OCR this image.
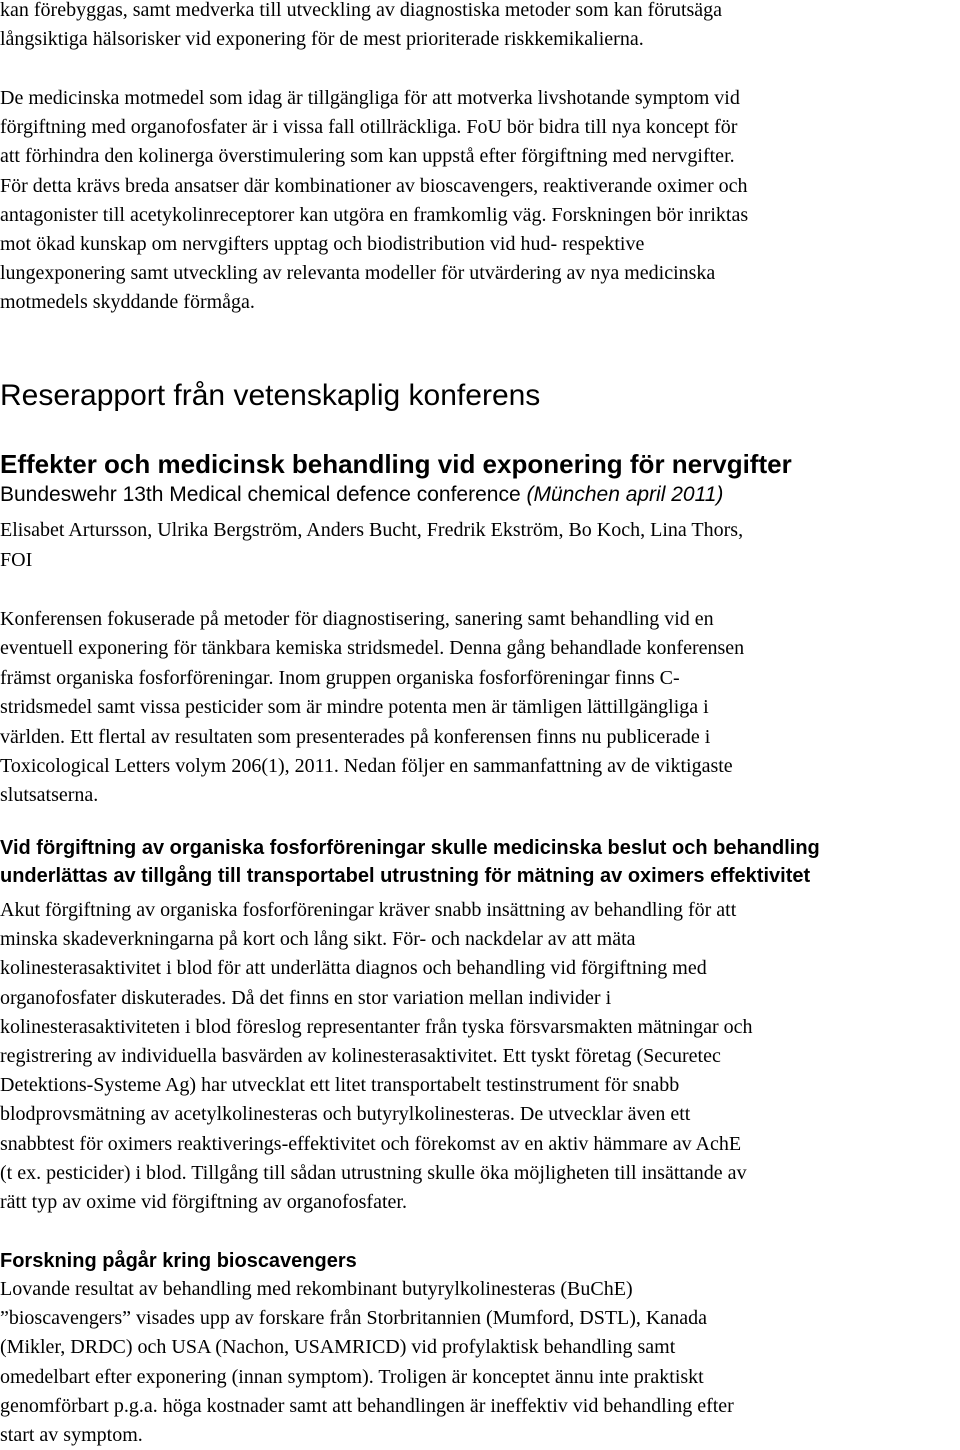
kan förebyggas, samt medverka till utveckling av diagnostiska metoder som kan förutsäga
långsiktiga hälsorisker vid exponering för de mest prioriterade riskkemikalierna.

De medicinska motmedel som idag är tillgängliga för att motverka livshotande symptom vid
förgiftning med organofosfater är i vissa fall otillräckliga. FoU bör bidra till nya koncept för
att förhindra den kolinerga överstimulering som kan uppstå efter förgiftning med nervgifter.
För detta krävs breda ansatser där kombinationer av bioscavengers, reaktiverande oximer och
antagonister till acetykolinreceptorer kan utgöra en framkomlig väg. Forskningen bör inriktas
mot ökad kunskap om nervgifters upptag och biodistribution vid hud- respektive
lungexponering samt utveckling av relevanta modeller för utvärdering av nya medicinska
motmedels skyddande förmåga.

Reserapport från vetenskaplig konferens
Effekter och medicinsk behandling vid exponering för nervgifter
Bundeswehr 13th Medical chemical defence conference (München april 2011)

Elisabet Artursson, Ulrika Bergström, Anders Bucht, Fredrik Ekström, Bo Koch, Lina Thors,
FOI

Konferensen fokuserade på metoder för diagnostisering, sanering samt behandling vid en
eventuell exponering för tänkbara kemiska stridsmedel. Denna gång behandlade konferensen
främst organiska fosforföreningar. Inom gruppen organiska fosforföreningar finns C-
stridsmedel samt vissa pesticider som är mindre potenta men är tämligen lättillgängliga i
världen. Ett flertal av resultaten som presenterades på konferensen finns nu publicerade i
Toxicological Letters volym 206(1), 2011. Nedan följer en sammanfattning av de viktigaste
slutsatserna.

Vid förgiftning av organiska fosforföreningar skulle medicinska beslut och behandling
underlättas av tillgång till transportabel utrustning för mätning av oximers effektivitet

Akut förgiftning av organiska fosforföreningar kräver snabb insättning av behandling för att
minska skadeverkningarna på kort och lång sikt. För- och nackdelar av att mäta
kolinesterasaktivitet i blod för att underlätta diagnos och behandling vid förgiftning med
organofosfater diskuterades. Då det finns en stor variation mellan individer i
kolinesterasaktiviteten i blod föreslog representanter från tyska försvarsmakten mätningar och
registrering av individuella basvärden av kolinesterasaktivitet. Ett tyskt företag (Securetec
Detektions-Systeme Ag) har utvecklat ett litet transportabelt testinstrument för snabb
blodprovsmätning av acetylkolinesteras och butyrylkolinesteras. De utvecklar även ett
snabbtest för oximers reaktiverings-effektivitet och förekomst av en aktiv hämmare av AchE
(t ex. pesticider) i blod. Tillgång till sådan utrustning skulle öka möjligheten till insättande av
rätt typ av oxime vid förgiftning av organofosfater.

Forskning pågår kring bioscavengers

Lovande resultat av behandling med rekombinant butyrylkolinesteras (BuChE)
”bioscavengers” visades upp av forskare från Storbritannien (Mumford, DSTL), Kanada
(Mikler, DRDC) och USA (Nachon, USAMRICD) vid profylaktisk behandling samt
omedelbart efter exponering (innan symptom). Troligen är konceptet ännu inte praktiskt
genomförbart p.g.a. höga kostnader samt att behandlingen är ineffektiv vid behandling efter
start av symptom.
